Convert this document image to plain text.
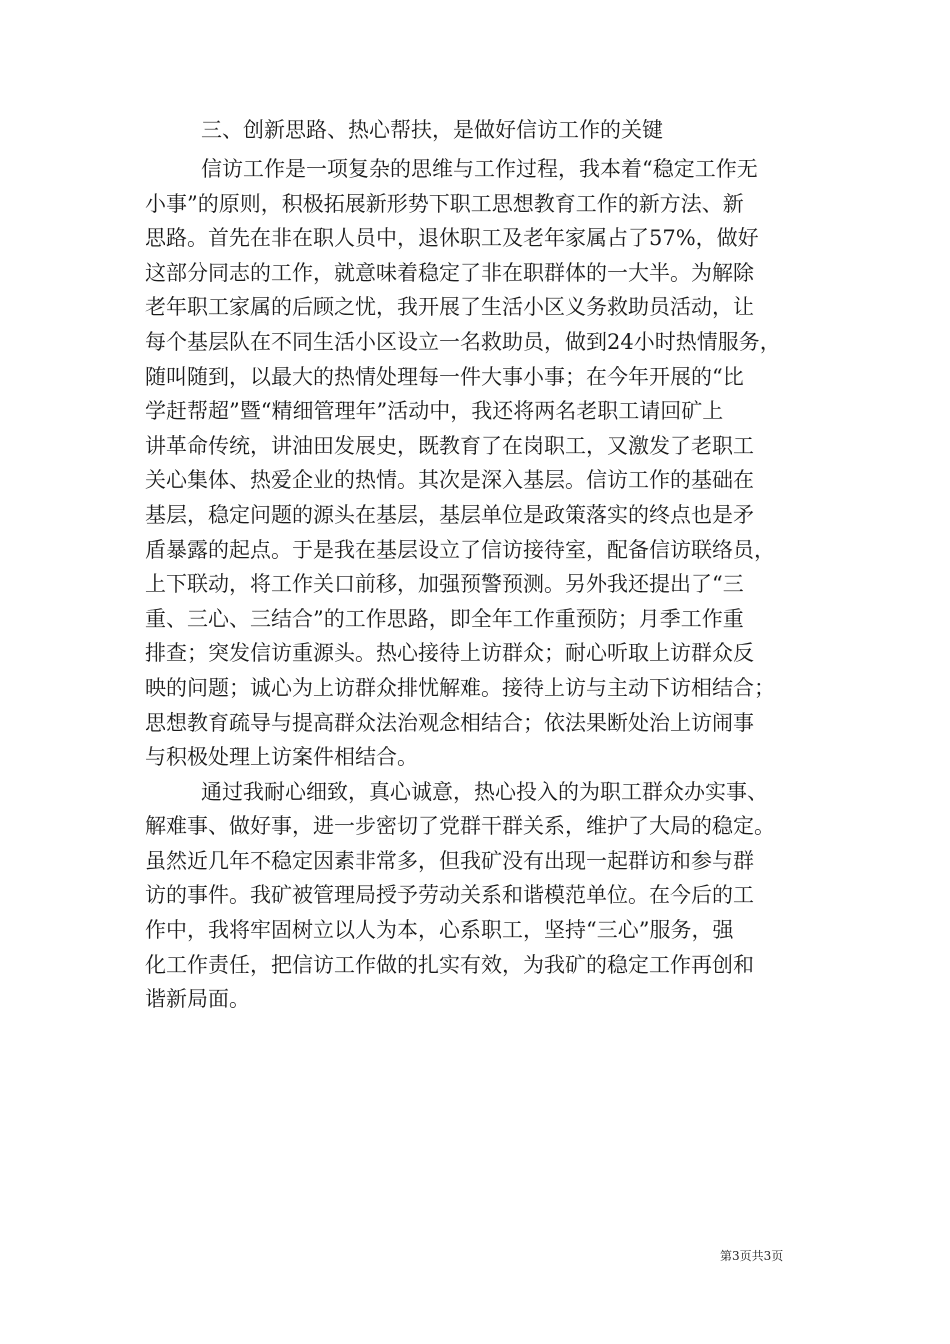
三、创新思路、热心帮扶，是做好信访工作的关键

信访工作是一项复杂的思维与工作过程，我本着“稳定工作无
小事”的原则，积极拓展新形势下职工思想教育工作的新方法、新
思路。首先在非在职人员中，退休职工及老年家属占了57%，做好
这部分同志的工作，就意味着稳定了非在职群体的一大半。为解除
老年职工家属的后顾之忧，我开展了生活小区义务救助员活动，让
每个基层队在不同生活小区设立一名救助员，做到24小时热情服务，
随叫随到，以最大的热情处理每一件大事小事；在今年开展的“比
学赶帮超”暨“精细管理年”活动中，我还将两名老职工请回矿上
讲革命传统，讲油田发展史，既教育了在岗职工，又激发了老职工
关心集体、热爱企业的热情。其次是深入基层。信访工作的基础在
基层，稳定问题的源头在基层，基层单位是政策落实的终点也是矛
盾暴露的起点。于是我在基层设立了信访接待室，配备信访联络员，
上下联动，将工作关口前移，加强预警预测。另外我还提出了“三
重、三心、三结合”的工作思路，即全年工作重预防；月季工作重
排查；突发信访重源头。热心接待上访群众；耐心听取上访群众反
映的问题；诚心为上访群众排忧解难。接待上访与主动下访相结合；
思想教育疏导与提高群众法治观念相结合；依法果断处治上访闹事
与积极处理上访案件相结合。

通过我耐心细致，真心诚意，热心投入的为职工群众办实事、
解难事、做好事，进一步密切了党群干群关系，维护了大局的稳定。
虽然近几年不稳定因素非常多，但我矿没有出现一起群访和参与群
访的事件。我矿被管理局授予劳动关系和谐模范单位。在今后的工
作中，我将牢固树立以人为本，心系职工，坚持“三心”服务，强
化工作责任，把信访工作做的扎实有效，为我矿的稳定工作再创和
谐新局面。

第3页共3页
